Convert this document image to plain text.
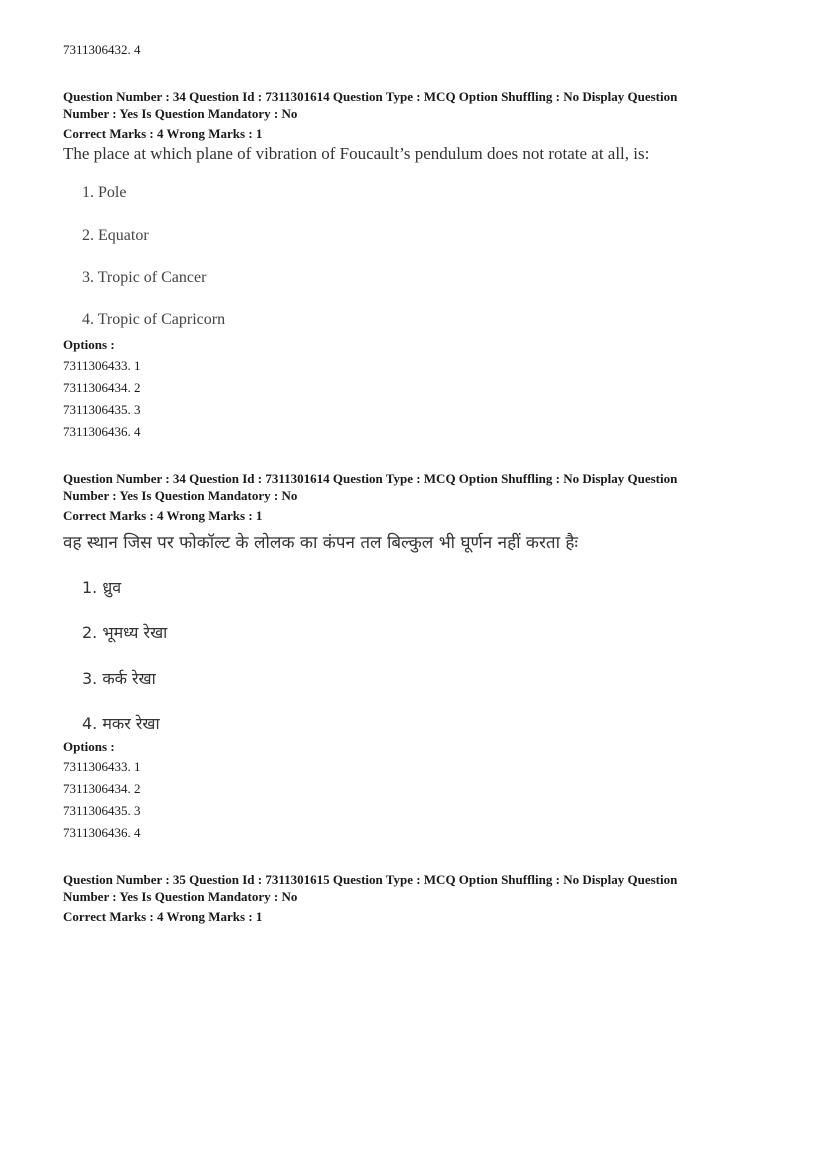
7311306432. 4
Question Number : 34 Question Id : 7311301614 Question Type : MCQ Option Shuffling : No Display Question
Number : Yes Is Question Mandatory : No
Correct Marks : 4 Wrong Marks : 1
The place at which plane of vibration of Foucault’s pendulum does not rotate at all, is:
1. Pole
2. Equator
3. Tropic of Cancer
4. Tropic of Capricorn
Options :
7311306433. 1
7311306434. 2
7311306435. 3
7311306436. 4
Question Number : 34 Question Id : 7311301614 Question Type : MCQ Option Shuffling : No Display Question
Number : Yes Is Question Mandatory : No
Correct Marks : 4 Wrong Marks : 1
वह स्थान जिस पर फोकॉल्ट के लोलक का कंपन तल बिल्कुल भी घूर्णन नहीं करता हैः
1. ध्रुव
2. भूमध्य रेखा
3. कर्क रेखा
4. मकर रेखा
Options :
7311306433. 1
7311306434. 2
7311306435. 3
7311306436. 4
Question Number : 35 Question Id : 7311301615 Question Type : MCQ Option Shuffling : No Display Question
Number : Yes Is Question Mandatory : No
Correct Marks : 4 Wrong Marks : 1
